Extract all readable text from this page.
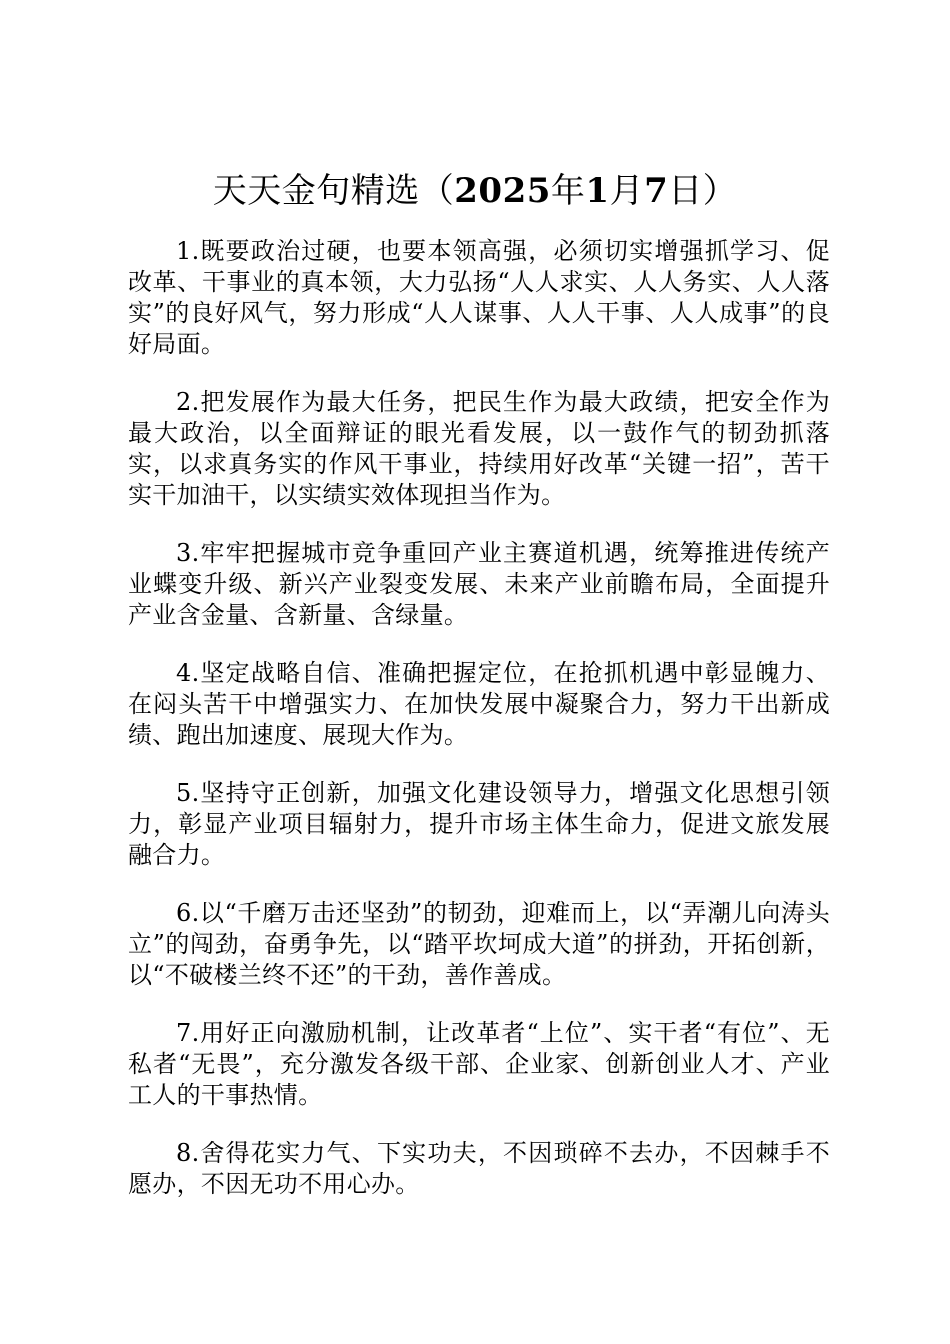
天天金句精选（2025年1月7日）

1.既要政治过硬，也要本领高强，必须切实增强抓学习、促改革、干事业的真本领，大力弘扬“人人求实、人人务实、人人落实”的良好风气，努力形成“人人谋事、人人干事、人人成事”的良好局面。

2.把发展作为最大任务，把民生作为最大政绩，把安全作为最大政治，以全面辩证的眼光看发展，以一鼓作气的韧劲抓落实，以求真务实的作风干事业，持续用好改革“关键一招”，苦干实干加油干，以实绩实效体现担当作为。

3.牢牢把握城市竞争重回产业主赛道机遇，统筹推进传统产业蝶变升级、新兴产业裂变发展、未来产业前瞻布局，全面提升产业含金量、含新量、含绿量。

4.坚定战略自信、准确把握定位，在抢抓机遇中彰显魄力、在闷头苦干中增强实力、在加快发展中凝聚合力，努力干出新成绩、跑出加速度、展现大作为。

5.坚持守正创新，加强文化建设领导力，增强文化思想引领力，彰显产业项目辐射力，提升市场主体生命力，促进文旅发展融合力。

6.以“千磨万击还坚劲”的韧劲，迎难而上，以“弄潮儿向涛头立”的闯劲，奋勇争先，以“踏平坎坷成大道”的拼劲，开拓创新，以“不破楼兰终不还”的干劲，善作善成。

7.用好正向激励机制，让改革者“上位”、实干者“有位”、无私者“无畏”，充分激发各级干部、企业家、创新创业人才、产业工人的干事热情。

8.舍得花实力气、下实功夫，不因琐碎不去办，不因棘手不愿办，不因无功不用心办。
